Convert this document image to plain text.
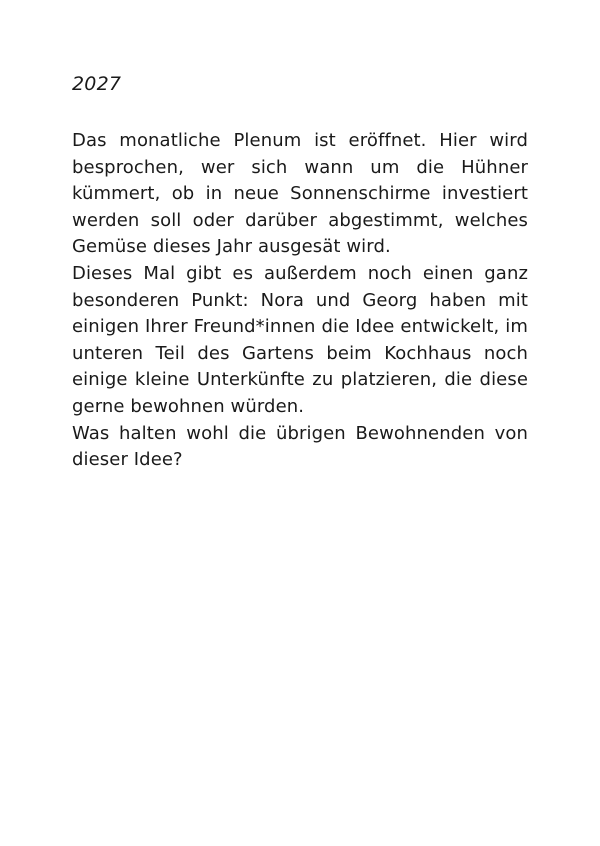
2027

Das monatliche Plenum ist eröffnet. Hier wird besprochen, wer sich wann um die Hühner kümmert, ob in neue Sonnenschirme investiert werden soll oder darüber abgestimmt, welches Gemüse dieses Jahr ausgesät wird.

Dieses Mal gibt es außerdem noch einen ganz besonderen Punkt: Nora und Georg haben mit einigen Ihrer Freund*innen die Idee entwickelt, im unteren Teil des Gartens beim Kochhaus noch einige kleine Unterkünfte zu platzieren, die diese gerne bewohnen würden.

Was halten wohl die übrigen Bewohnenden von dieser Idee?
